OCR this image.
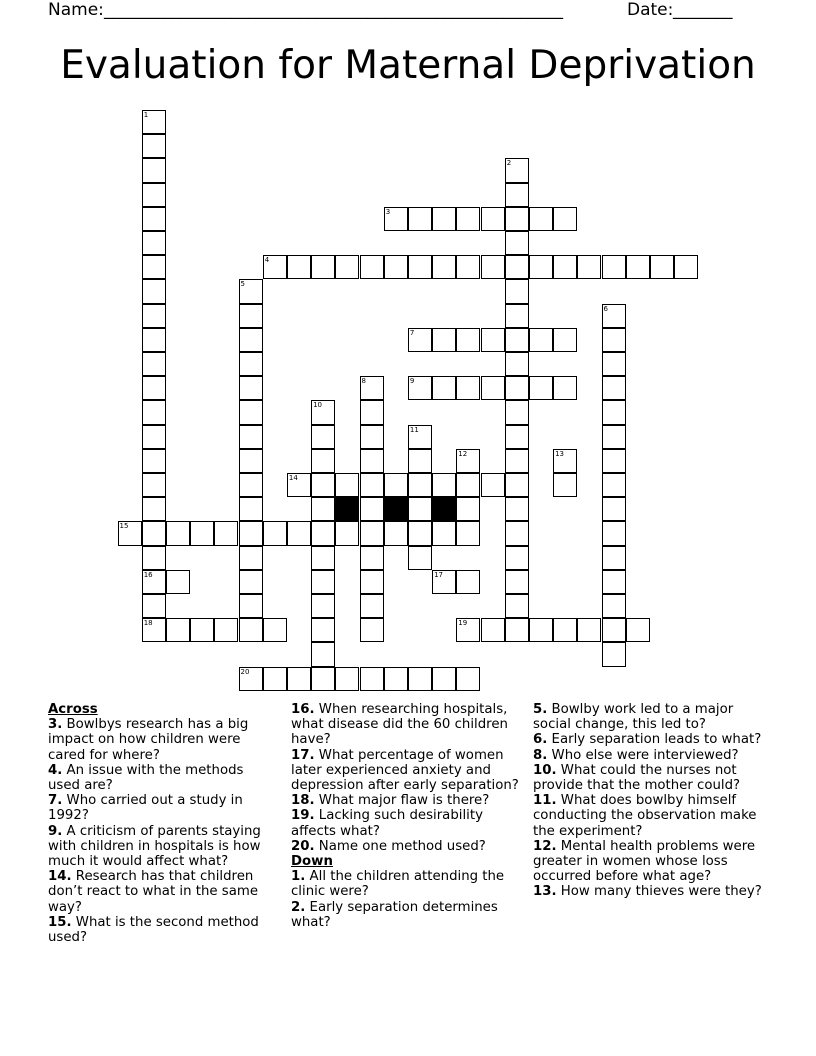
Name: ______________________________________________________	Date: _______
Evaluation for Maternal Deprivation
1
16
2
3
4
5
6
7
8	9
10
11
12	13
14
15
17
18	19
20
Across
3. Bowlbys research has a big impact on how children were cared for where?
4. An issue with the methods used are?
7. Who carried out a study in 1992?
9. A criticism of parents staying with children in hospitals is how much it would affect what?
14. Research has that children don’t react to what in the same way?
15. What is the second method used?
16. When researching hospitals, what disease did the 60 children have?
17. What percentage of women later experienced anxiety and depression after early separation?
18. What major flaw is there?
19. Lacking such desirability affects what?
20. Name one method used?
Down
1. All the children attending the clinic were?
2. Early separation determines what?
5. Bowlby work led to a major social change, this led to?
6. Early separation leads to what?
8. Who else were interviewed?
10. What could the nurses not provide that the mother could?
11. What does bowlby himself conducting the observation make the experiment?
12. Mental health problems were greater in women whose loss occurred before what age?
13. How many thieves were they?
